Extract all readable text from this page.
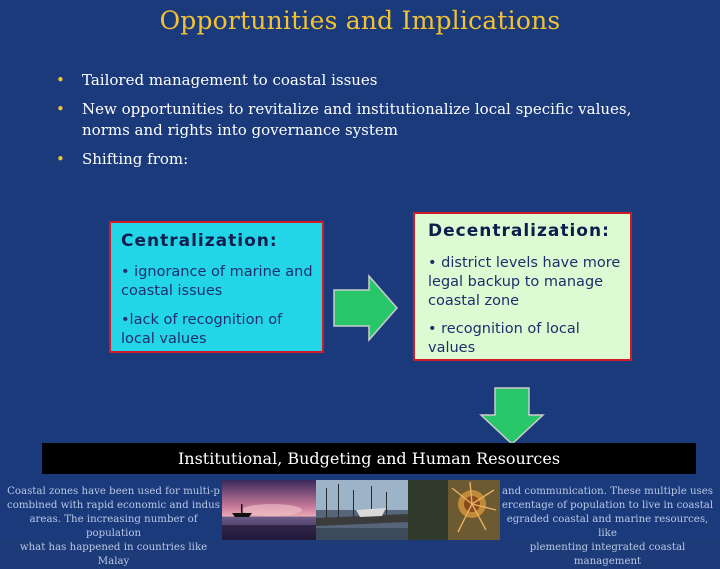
Opportunities and Implications
• Tailored management to coastal issues
• New opportunities to revitalize and institutionalize local specific values, norms and rights into governance system
• Shifting from:
Centralization:
• ignorance of marine and coastal issues
•lack of recognition of local values
Decentralization:
• district levels have more legal backup to manage coastal zone
• recognition of local values
Institutional, Budgeting and Human Resources
Coastal zones have been used for multi-p
combined with rapid economic and indus
areas. The increasing number of population
what has happened in countries like Malay
and communication. These multiple uses
ercentage of population to live in coastal
egraded coastal and marine resources, like
plementing integrated coastal management
